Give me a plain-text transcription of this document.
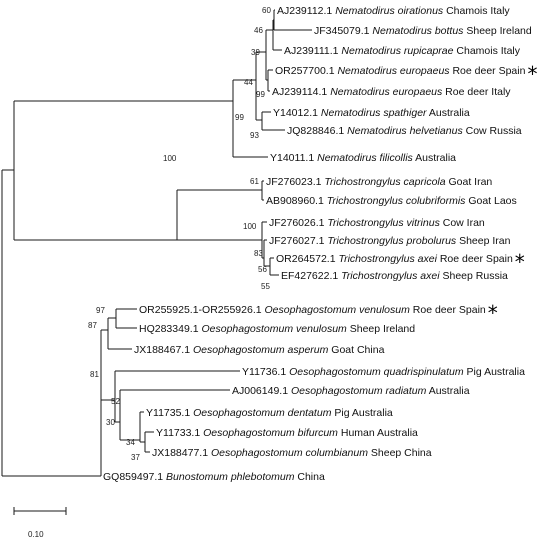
AJ239112.1 Nematodirus oirationus Chamois Italy
JF345079.1 Nematodirus bottus Sheep Ireland
AJ239111.1 Nematodirus rupicaprae Chamois Italy
OR257700.1 Nematodirus europaeus Roe deer Spain *
AJ239114.1 Nematodirus europaeus Roe deer Italy
Y14012.1 Nematodirus spathiger Australia
JQ828846.1 Nematodirus helvetianus Cow Russia
Y14011.1 Nematodirus filicollis Australia
JF276023.1 Trichostrongylus capricola Goat Iran
AB908960.1 Trichostrongylus colubriformis Goat Laos
JF276026.1 Trichostrongylus vitrinus Cow Iran
JF276027.1 Trichostrongylus probolurus Sheep Iran
OR264572.1 Trichostrongylus axei Roe deer Spain *
EF427622.1 Trichostrongylus axei Sheep Russia
OR255925.1-OR255926.1 Oesophagostomum venulosum Roe deer Spain *
HQ283349.1 Oesophagostomum venulosum Sheep Ireland
JX188467.1 Oesophagostomum asperum Goat China
Y11736.1 Oesophagostomum quadrispinulatum Pig Australia
AJ006149.1 Oesophagostomum radiatum Australia
Y11735.1 Oesophagostomum dentatum Pig Australia
Y11733.1 Oesophagostomum bifurcum Human Australia
JX188477.1 Oesophagostomum columbianum Sheep China
GQ859497.1 Bunostomum phlebotomum China
60
46
39
99
44
93
99
100
61
100
83
56
55
97
87
81
52
30
34
37
0.10
